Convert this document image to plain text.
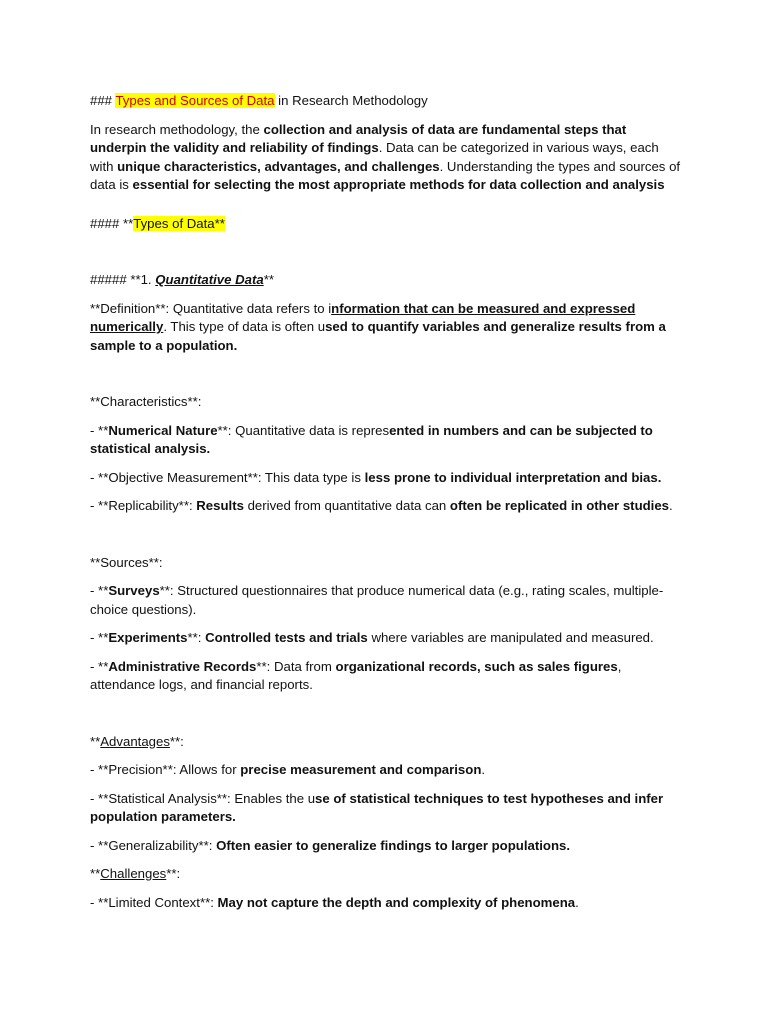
### Types and Sources of Data in Research Methodology

In research methodology, the collection and analysis of data are fundamental steps that underpin the validity and reliability of findings. Data can be categorized in various ways, each with unique characteristics, advantages, and challenges. Understanding the types and sources of data is essential for selecting the most appropriate methods for data collection and analysis

#### **Types of Data**

##### **1. Quantitative Data**

**Definition**: Quantitative data refers to information that can be measured and expressed numerically. This type of data is often used to quantify variables and generalize results from a sample to a population.

**Characteristics**:

- **Numerical Nature**: Quantitative data is represented in numbers and can be subjected to statistical analysis.

- **Objective Measurement**: This data type is less prone to individual interpretation and bias.

- **Replicability**: Results derived from quantitative data can often be replicated in other studies.

**Sources**:

- **Surveys**: Structured questionnaires that produce numerical data (e.g., rating scales, multiple-choice questions).

- **Experiments**: Controlled tests and trials where variables are manipulated and measured.

- **Administrative Records**: Data from organizational records, such as sales figures, attendance logs, and financial reports.

**Advantages**:

- **Precision**: Allows for precise measurement and comparison.

- **Statistical Analysis**: Enables the use of statistical techniques to test hypotheses and infer population parameters.

- **Generalizability**: Often easier to generalize findings to larger populations.

**Challenges**:

- **Limited Context**: May not capture the depth and complexity of phenomena.
